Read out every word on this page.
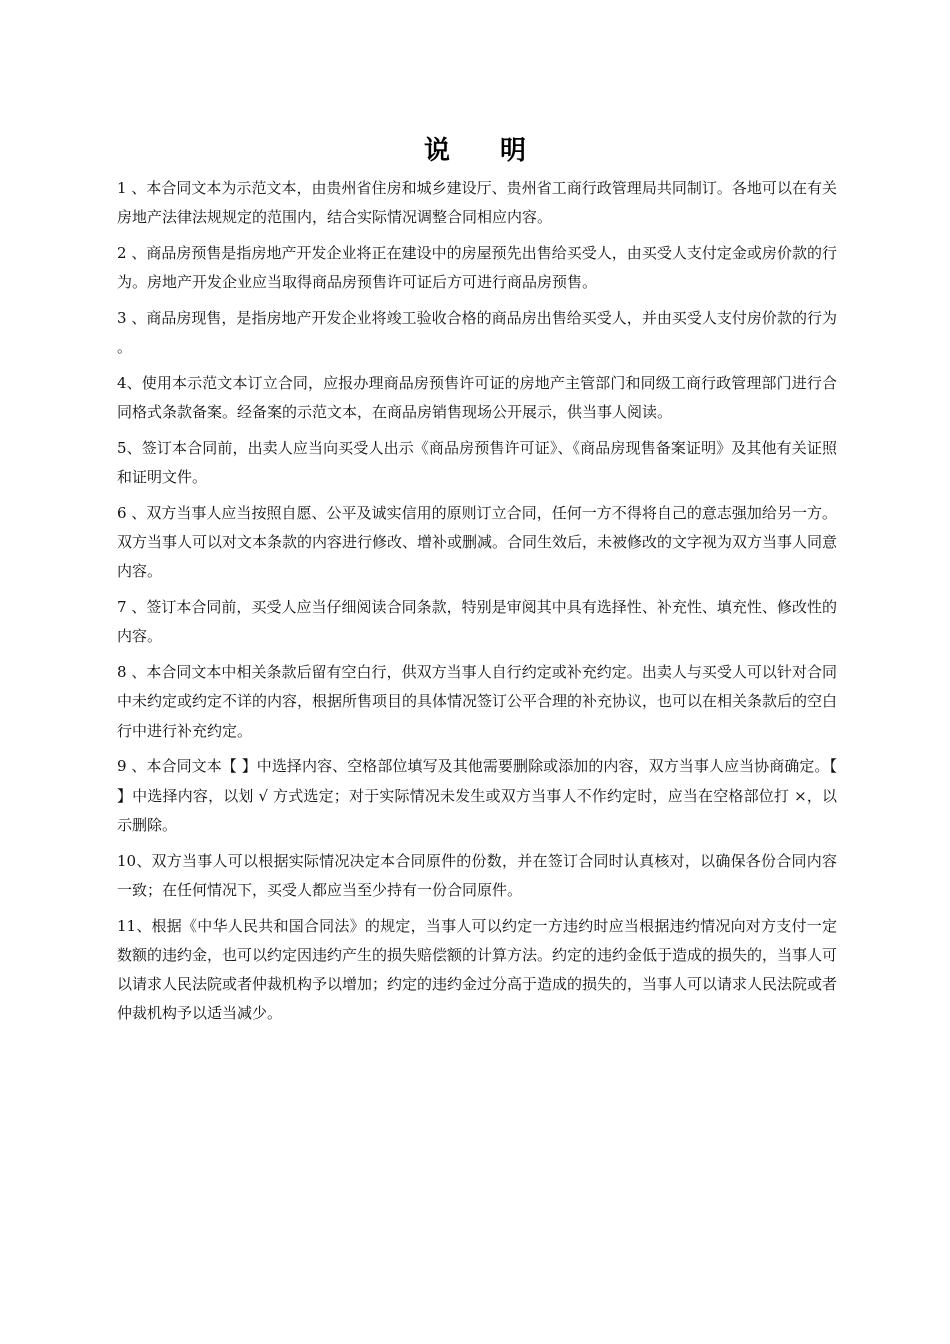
说明

1 、本合同文本为示范文本，由贵州省住房和城乡建设厅、贵州省工商行政管理局共同制订。各地可以在有关房地产法律法规规定的范围内，结合实际情况调整合同相应内容。

2 、商品房预售是指房地产开发企业将正在建设中的房屋预先出售给买受人，由买受人支付定金或房价款的行为。房地产开发企业应当取得商品房预售许可证后方可进行商品房预售。

3 、商品房现售，是指房地产开发企业将竣工验收合格的商品房出售给买受人，并由买受人支付房价款的行为。

4、使用本示范文本订立合同，应报办理商品房预售许可证的房地产主管部门和同级工商行政管理部门进行合同格式条款备案。经备案的示范文本，在商品房销售现场公开展示，供当事人阅读。

5、签订本合同前，出卖人应当向买受人出示《商品房预售许可证》、《商品房现售备案证明》及其他有关证照和证明文件。

6 、双方当事人应当按照自愿、公平及诚实信用的原则订立合同，任何一方不得将自己的意志强加给另一方。双方当事人可以对文本条款的内容进行修改、增补或删减。合同生效后，未被修改的文字视为双方当事人同意内容。

7 、签订本合同前，买受人应当仔细阅读合同条款，特别是审阅其中具有选择性、补充性、填充性、修改性的内容。

8 、本合同文本中相关条款后留有空白行，供双方当事人自行约定或补充约定。出卖人与买受人可以针对合同中未约定或约定不详的内容，根据所售项目的具体情况签订公平合理的补充协议，也可以在相关条款后的空白行中进行补充约定。

9 、本合同文本【 】中选择内容、空格部位填写及其他需要删除或添加的内容，双方当事人应当协商确定。【 】中选择内容，以划 √ 方式选定；对于实际情况未发生或双方当事人不作约定时，应当在空格部位打 ×，以示删除。

10、双方当事人可以根据实际情况决定本合同原件的份数，并在签订合同时认真核对，以确保各份合同内容一致；在任何情况下，买受人都应当至少持有一份合同原件。

11、根据《中华人民共和国合同法》的规定，当事人可以约定一方违约时应当根据违约情况向对方支付一定数额的违约金，也可以约定因违约产生的损失赔偿额的计算方法。约定的违约金低于造成的损失的，当事人可以请求人民法院或者仲裁机构予以增加；约定的违约金过分高于造成的损失的，当事人可以请求人民法院或者仲裁机构予以适当减少。
